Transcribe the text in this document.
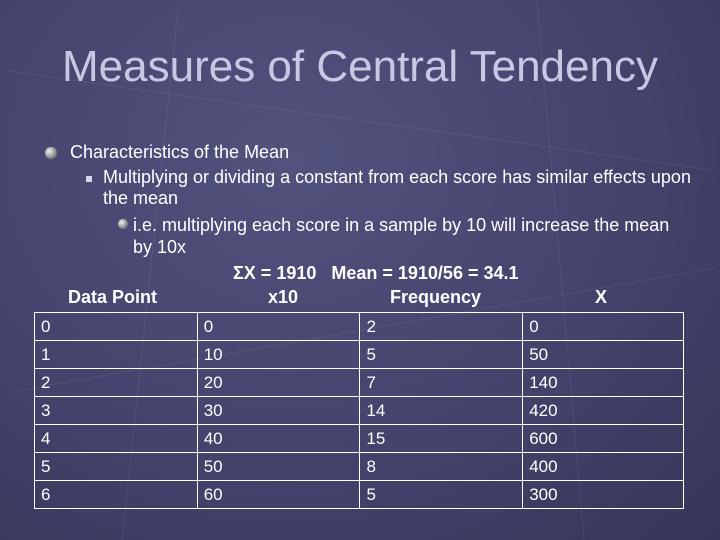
Measures of Central Tendency
Characteristics of the Mean
Multiplying or dividing a constant from each score has similar effects upon the mean
i.e. multiplying each score in a sample by 10 will increase the mean by 10x
ΣX = 1910   Mean = 1910/56 = 34.1
Data Point	x10	Frequency	X
0	0	2	0
1	10	5	50
2	20	7	140
3	30	14	420
4	40	15	600
5	50	8	400
6	60	5	300
